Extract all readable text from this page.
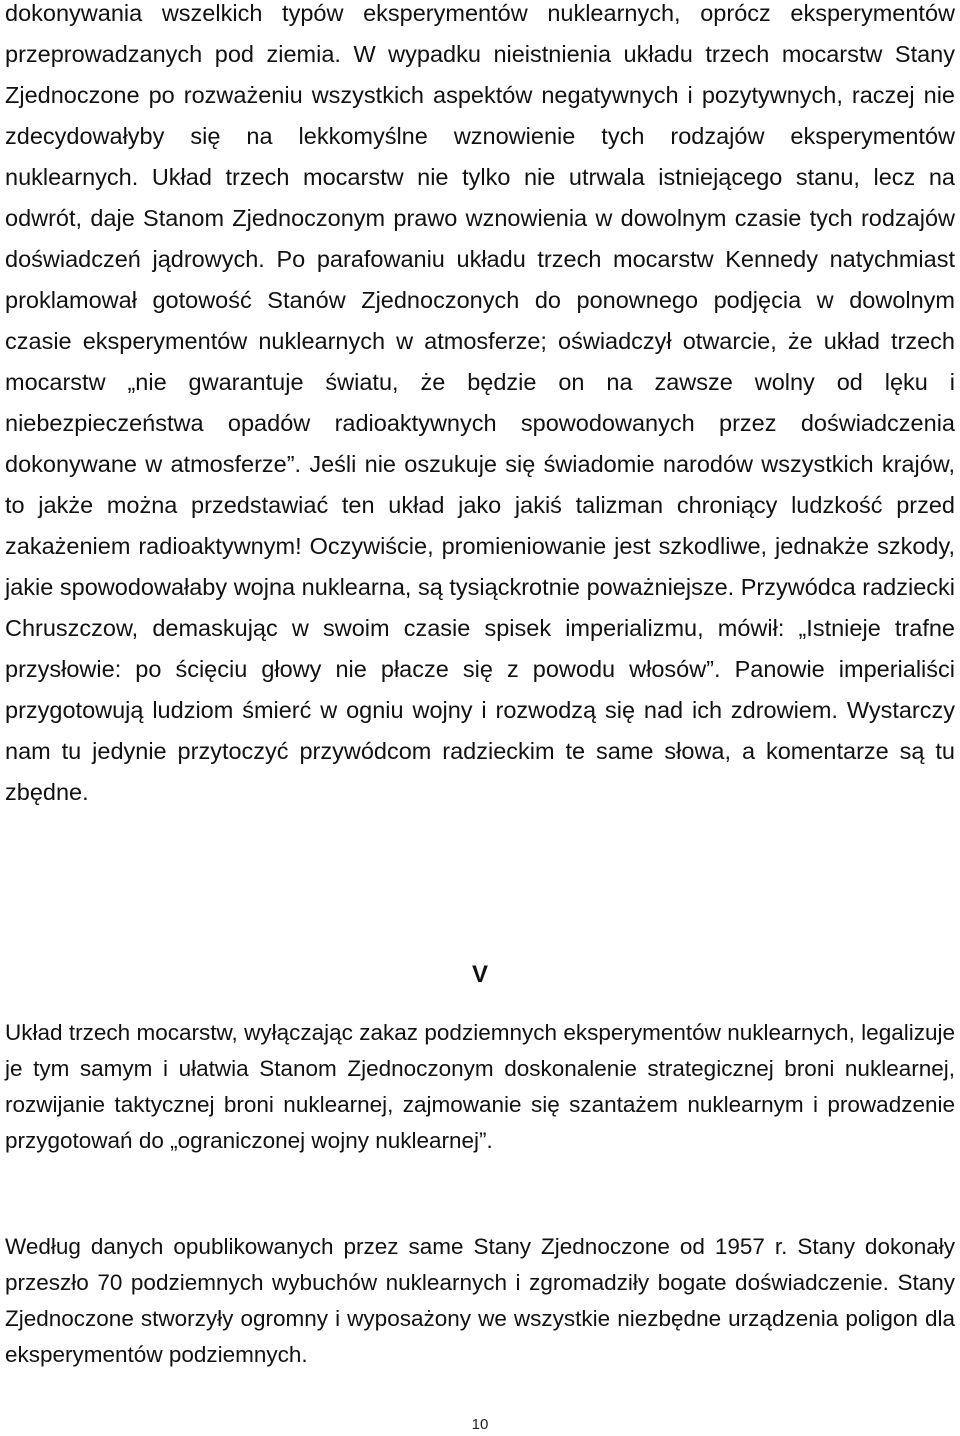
dokonywania wszelkich typów eksperymentów nuklearnych, oprócz eksperymentów przeprowadzanych pod ziemia. W wypadku nieistnienia układu trzech mocarstw Stany Zjednoczone po rozważeniu wszystkich aspektów negatywnych i pozytywnych, raczej nie zdecydowałyby się na lekkomyślne wznowienie tych rodzajów eksperymentów nuklearnych. Układ trzech mocarstw nie tylko nie utrwala istniejącego stanu, lecz na odwrót, daje Stanom Zjednoczonym prawo wznowienia w dowolnym czasie tych rodzajów doświadczeń jądrowych. Po parafowaniu układu trzech mocarstw Kennedy natychmiast proklamował gotowość Stanów Zjednoczonych do ponownego podjęcia w dowolnym czasie eksperymentów nuklearnych w atmosferze; oświadczył otwarcie, że układ trzech mocarstw „nie gwarantuje światu, że będzie on na zawsze wolny od lęku i niebezpieczeństwa opadów radioaktywnych spowodowanych przez doświadczenia dokonywane w atmosferze”. Jeśli nie oszukuje się świadomie narodów wszystkich krajów, to jakże można przedstawiać ten układ jako jakiś talizman chroniący ludzkość przed zakażeniem radioaktywnym! Oczywiście, promieniowanie jest szkodliwe, jednakże szkody, jakie spowodowałaby wojna nuklearna, są tysiąckrotnie poważniejsze. Przywódca radziecki Chruszczow, demaskując w swoim czasie spisek imperializmu, mówił: „Istnieje trafne przysłowie: po ścięciu głowy nie płacze się z powodu włosów”. Panowie imperialiści przygotowują ludziom śmierć w ogniu wojny i rozwodzą się nad ich zdrowiem. Wystarczy nam tu jedynie przytoczyć przywódcom radzieckim te same słowa, a komentarze są tu zbędne.

V

Układ trzech mocarstw, wyłączając zakaz podziemnych eksperymentów nuklearnych, legalizuje je tym samym i ułatwia Stanom Zjednoczonym doskonalenie strategicznej broni nuklearnej, rozwijanie taktycznej broni nuklearnej, zajmowanie się szantażem nuklearnym i prowadzenie przygotowań do „ograniczonej wojny nuklearnej”.

Według danych opublikowanych przez same Stany Zjednoczone od 1957 r. Stany dokonały przeszło 70 podziemnych wybuchów nuklearnych i zgromadziły bogate doświadczenie. Stany Zjednoczone stworzyły ogromny i wyposażony we wszystkie niezbędne urządzenia poligon dla eksperymentów podziemnych.

10
